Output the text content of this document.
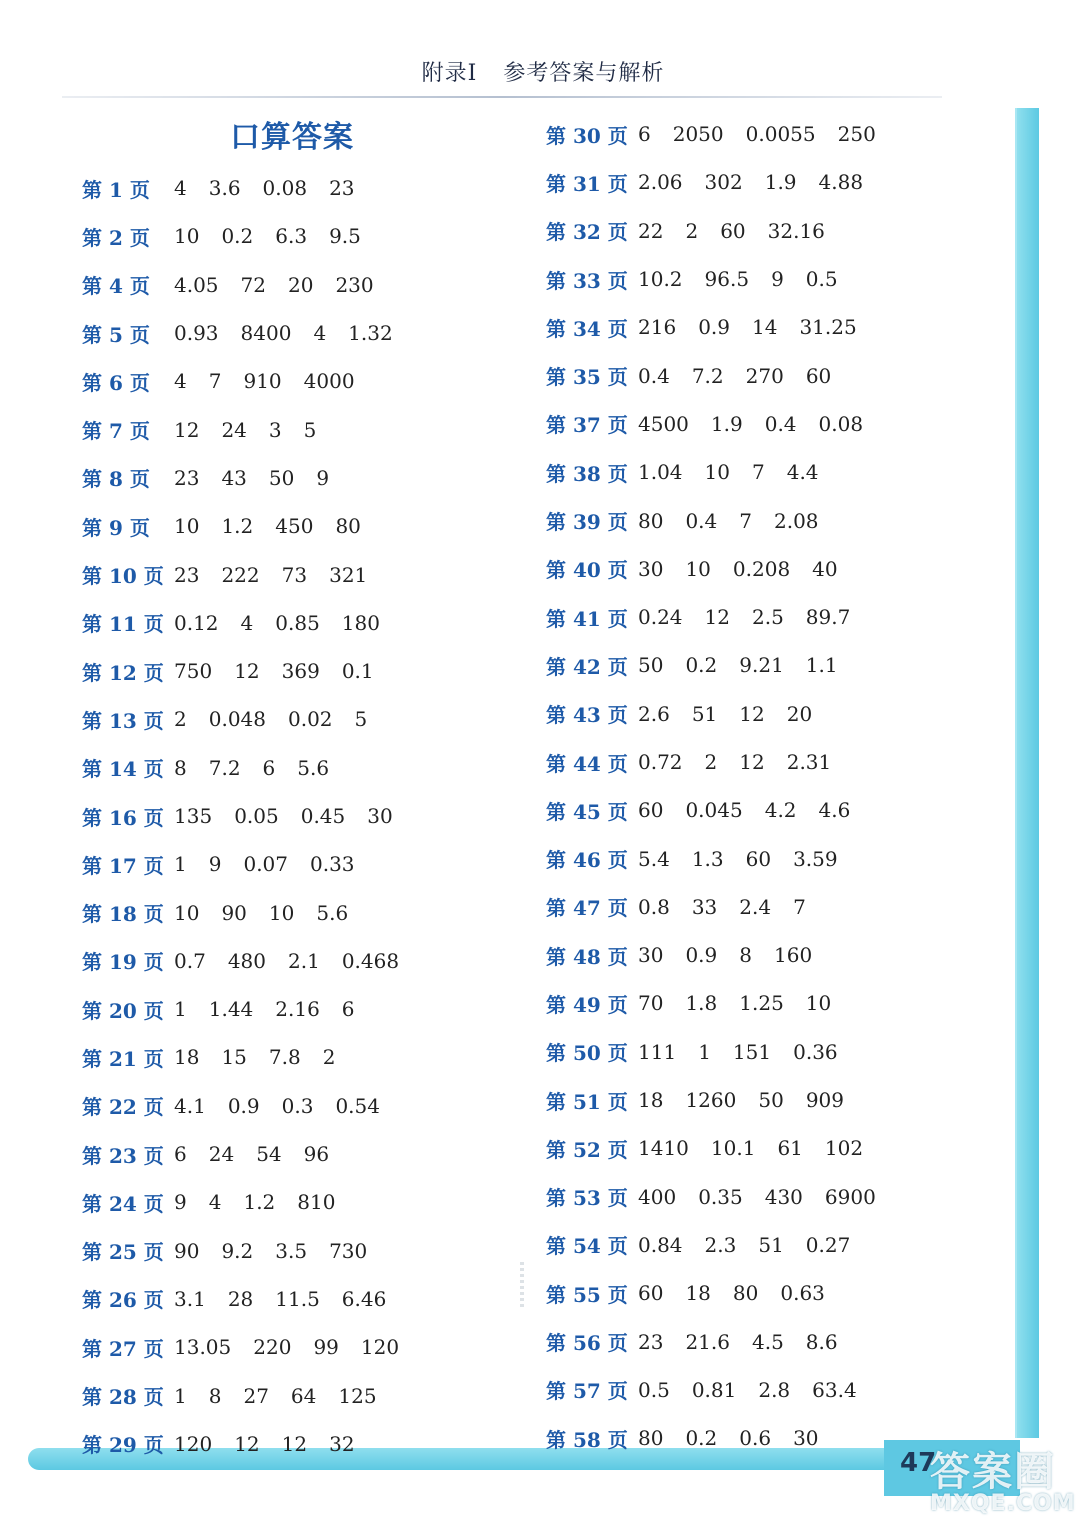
附录Ⅰ 参考答案与解析
47
答案圈
MXQE.COM
口算答案
第 1 页	4 3.6 0.08 23
第 2 页	10 0.2 6.3 9.5
第 4 页	4.05 72 20 230
第 5 页	0.93 8400 4 1.32
第 6 页	4 7 910 4000
第 7 页	12 24 3 5
第 8 页	23 43 50 9
第 9 页	10 1.2 450 80
第 10 页 23 222 73 321
第 11 页 0.12 4 0.85 180
第 12 页 750 12 369 0.1
第 13 页 2 0.048 0.02 5
第 14 页 8 7.2 6 5.6
第 16 页 135 0.05 0.45 30
第 17 页 1 9 0.07 0.33
第 18 页 10 90 10 5.6
第 19 页 0.7 480 2.1 0.468
第 20 页 1 1.44 2.16 6
第 21 页 18 15 7.8 2
第 22 页 4.1 0.9 0.3 0.54
第 23 页 6 24 54 96
第 24 页 9 4 1.2 810
第 25 页 90 9.2 3.5 730
第 26 页 3.1 28 11.5 6.46
第 27 页 13.05 220 99 120
第 28 页 1 8 27 64 125
第 29 页 120 12 12 32
第 30 页 6 2050 0.0055 250
第 31 页 2.06 302 1.9 4.88
第 32 页 22 2 60 32.16
第 33 页 10.2 96.5 9 0.5
第 34 页 216 0.9 14 31.25
第 35 页 0.4 7.2 270 60
第 37 页 4500 1.9 0.4 0.08
第 38 页 1.04 10 7 4.4
第 39 页 80 0.4 7 2.08
第 40 页 30 10 0.208 40
第 41 页 0.24 12 2.5 89.7
第 42 页 50 0.2 9.21 1.1
第 43 页 2.6 51 12 20
第 44 页 0.72 2 12 2.31
第 45 页 60 0.045 4.2 4.6
第 46 页 5.4 1.3 60 3.59
第 47 页 0.8 33 2.4 7
第 48 页 30 0.9 8 160
第 49 页 70 1.8 1.25 10
第 50 页 111 1 151 0.36
第 51 页 18 1260 50 909
第 52 页 1410 10.1 61 102
第 53 页 400 0.35 430 6900
第 54 页 0.84 2.3 51 0.27
第 55 页 60 18 80 0.63
第 56 页 23 21.6 4.5 8.6
第 57 页 0.5 0.81 2.8 63.4
第 58 页 80 0.2 0.6 30
